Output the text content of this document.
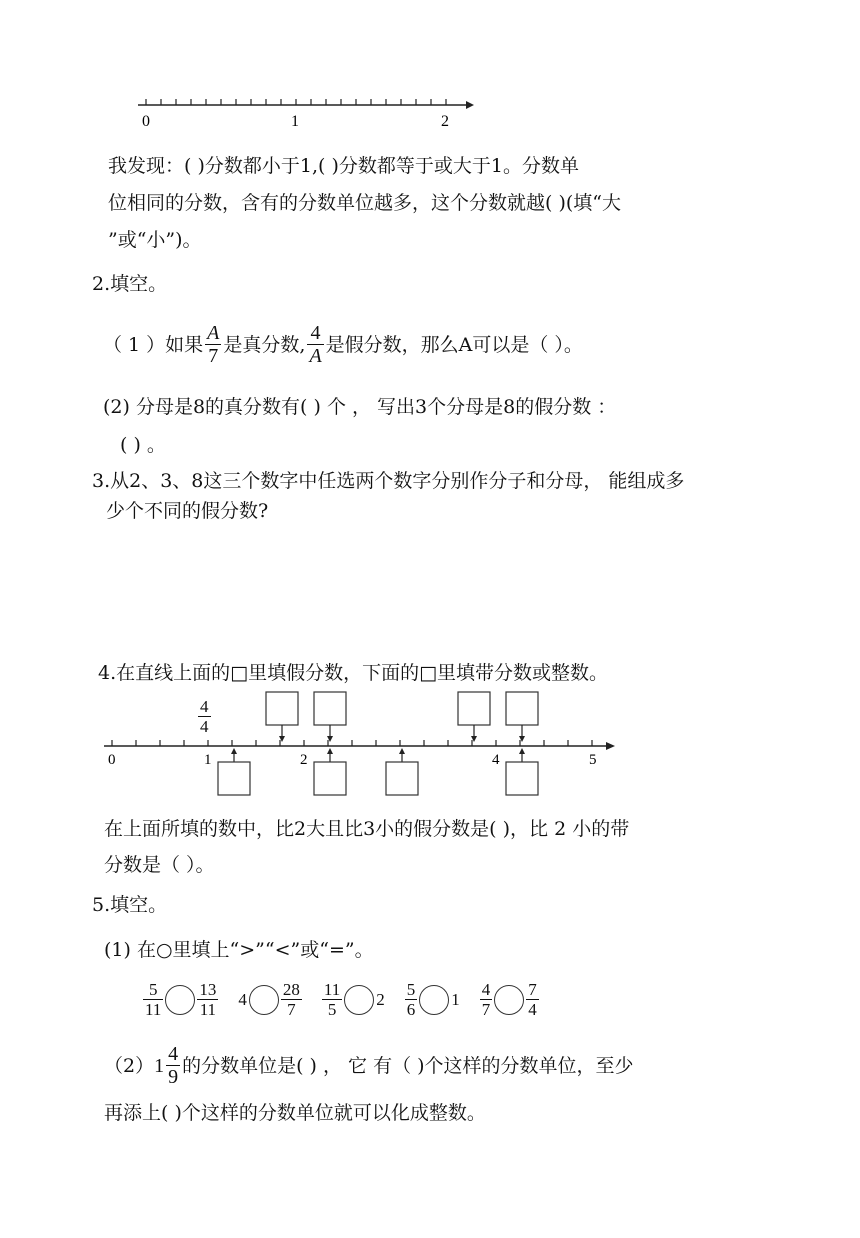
0	1	2
我发现：( )分数都小于1,( )分数都等于或大于1。分数单
位相同的分数，含有的分数单位越多，这个分数就越( )(填“大
”或“小”)。
2.填空。
（ 1 ）如果 $\frac{A}{7}$ 是真分数, $\frac{4}{A}$ 是假分数，那么A可以是（ ）。
(2) 分母是8的真分数有( ) 个 ， 写出3个分母是8的假分数 ：
( ) 。
3.从2、3、8这三个数字中任选两个数字分别作分子和分母， 能组成多
少个不同的假分数?
4.在直线上面的□里填假分数，下面的□里填带分数或整数。
$\frac{4}{4}$
0	1	2	4	5
在上面所填的数中，比2大且比3小的假分数是( )，比 2 小的带
分数是（ ）。
5.填空。
(1) 在○里填上“>”“<”或“=”。
$\frac{5}{11} \frac{13}{11} 4 \frac{28}{7} \frac{11}{5} 2 \frac{5}{6} 1 \frac{4}{7} \frac{7}{4}$
（2） $1 \frac{4}{9}$ 的分数单位是( ) ， 它 有（ )个这样的分数单位，至少
再添上( )个这样的分数单位就可以化成整数。
